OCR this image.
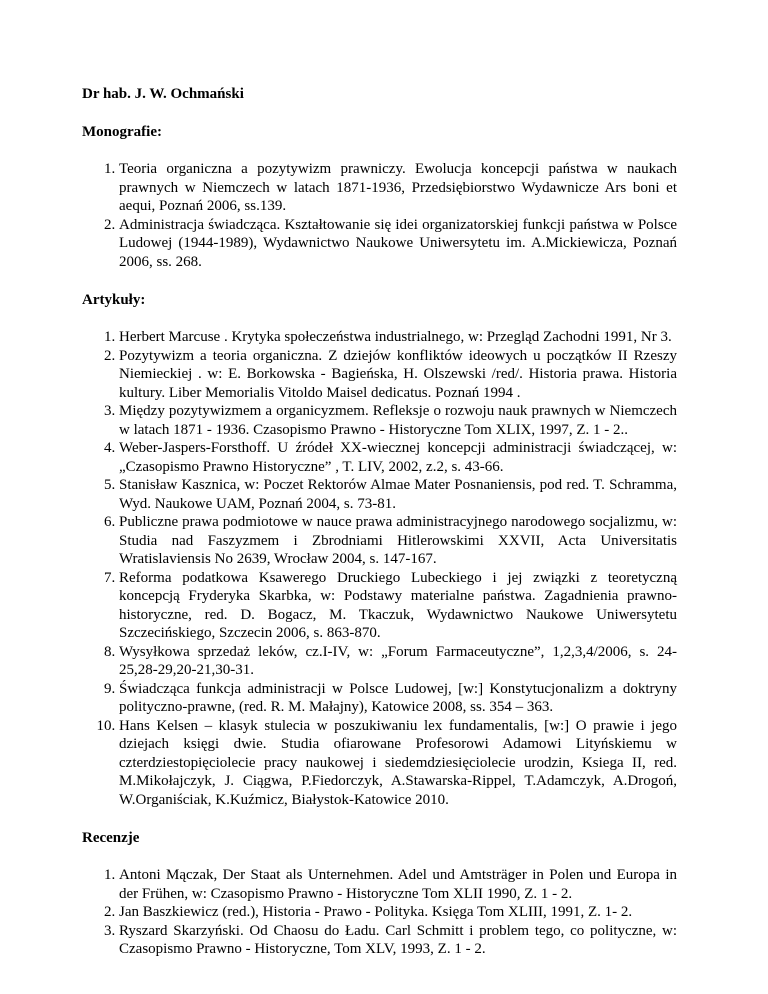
Dr hab. J. W. Ochmański

Monografie:

1. Teoria organiczna a pozytywizm prawniczy. Ewolucja koncepcji państwa w naukach prawnych w Niemczech w latach 1871-1936, Przedsiębiorstwo Wydawnicze Ars boni et aequi, Poznań 2006, ss.139.
2. Administracja świadcząca. Kształtowanie się idei organizatorskiej funkcji państwa w Polsce Ludowej (1944-1989), Wydawnictwo Naukowe Uniwersytetu im. A.Mickiewicza, Poznań 2006, ss. 268.

Artykuły:

1. Herbert Marcuse . Krytyka społeczeństwa industrialnego, w: Przegląd Zachodni 1991, Nr 3.
2. Pozytywizm a teoria organiczna. Z dziejów konfliktów ideowych u początków II Rzeszy Niemieckiej . w: E. Borkowska - Bagieńska, H. Olszewski /red/. Historia prawa. Historia kultury. Liber Memorialis Vitoldo Maisel dedicatus. Poznań 1994 .
3. Między pozytywizmem a organicyzmem. Refleksje o rozwoju nauk prawnych w Niemczech w latach 1871 - 1936. Czasopismo Prawno - Historyczne Tom XLIX, 1997, Z. 1 - 2..
4. Weber-Jaspers-Forsthoff. U źródeł XX-wiecznej koncepcji administracji świadczącej, w: „Czasopismo Prawno Historyczne” , T. LIV, 2002, z.2, s. 43-66.
5. Stanisław Kasznica, w: Poczet Rektorów Almae Mater Posnaniensis, pod red. T. Schramma, Wyd. Naukowe UAM, Poznań 2004, s. 73-81.
6. Publiczne prawa podmiotowe w nauce prawa administracyjnego narodowego socjalizmu, w: Studia nad Faszyzmem i Zbrodniami Hitlerowskimi XXVII, Acta Universitatis Wratislaviensis No 2639, Wrocław 2004, s. 147-167.
7. Reforma podatkowa Ksawerego Druckiego Lubeckiego i jej związki z teoretyczną koncepcją Fryderyka Skarbka, w: Podstawy materialne państwa. Zagadnienia prawno-historyczne, red. D. Bogacz, M. Tkaczuk, Wydawnictwo Naukowe Uniwersytetu Szczecińskiego, Szczecin 2006, s. 863-870.
8. Wysyłkowa sprzedaż leków, cz.I-IV, w: „Forum Farmaceutyczne”, 1,2,3,4/2006, s. 24-25,28-29,20-21,30-31.
9. Świadcząca funkcja administracji w Polsce Ludowej, [w:] Konstytucjonalizm a doktryny polityczno-prawne, (red. R. M. Małajny), Katowice 2008, ss. 354 – 363.
10. Hans Kelsen – klasyk stulecia w poszukiwaniu lex fundamentalis, [w:] O prawie i jego dziejach księgi dwie. Studia ofiarowane Profesorowi Adamowi Lityńskiemu w czterdziestopięciolecie pracy naukowej i siedemdziesięciolecie urodzin, Ksiega II, red. M.Mikołajczyk, J. Ciągwa, P.Fiedorczyk, A.Stawarska-Rippel, T.Adamczyk, A.Drogoń, W.Organiściak, K.Kuźmicz, Białystok-Katowice 2010.

Recenzje

1. Antoni Mączak, Der Staat als Unternehmen. Adel und Amtsträger in Polen und Europa in der Frühen, w: Czasopismo Prawno - Historyczne Tom XLII 1990, Z. 1 - 2.
2. Jan Baszkiewicz (red.), Historia - Prawo - Polityka. Księga Tom XLIII, 1991, Z. 1- 2.
3. Ryszard Skarzyński. Od Chaosu do Ładu. Carl Schmitt i problem tego, co polityczne, w: Czasopismo Prawno - Historyczne, Tom XLV, 1993, Z. 1 - 2.
